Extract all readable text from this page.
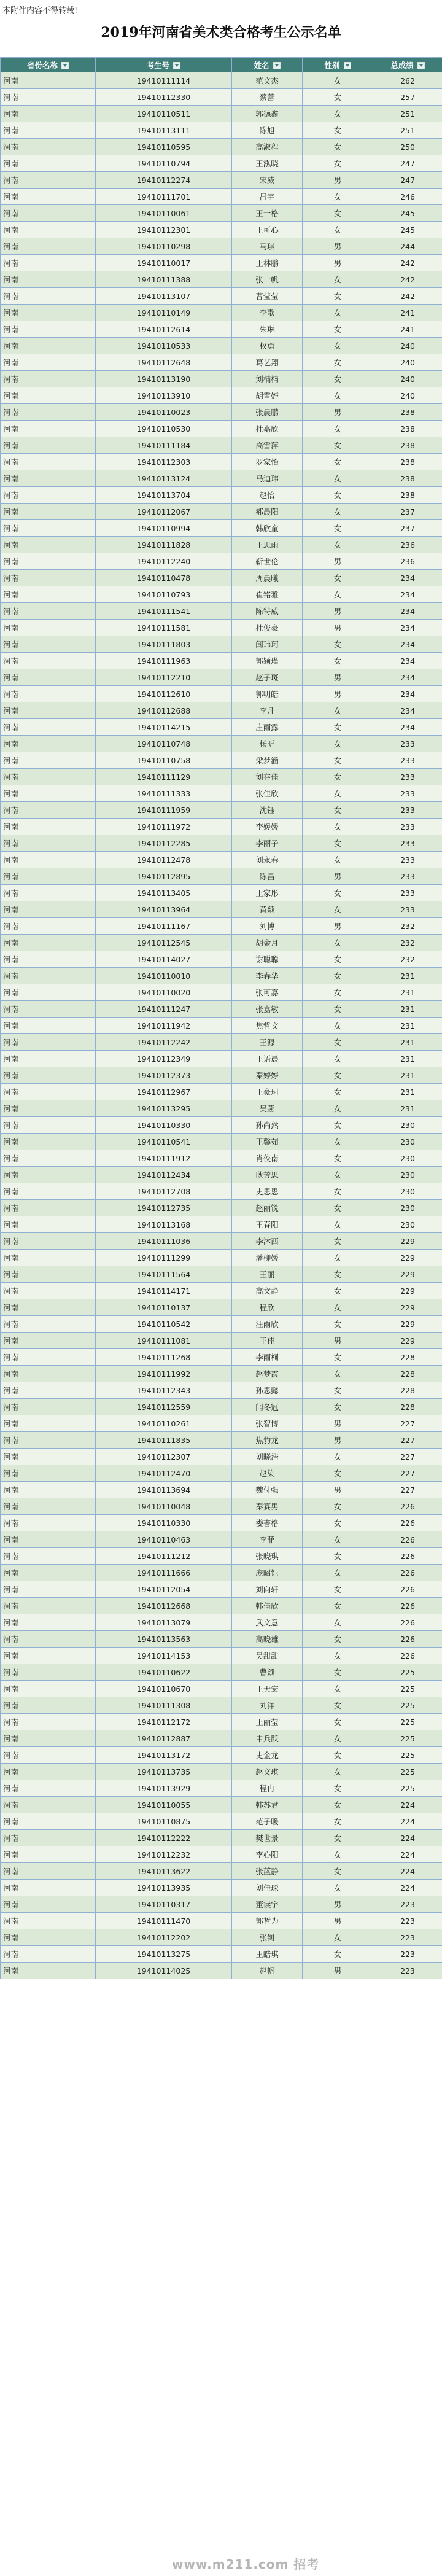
本附件内容不得转载!
2019年河南省美术类合格考生公示名单
省份名称	考生号	姓名	性别	总成绩
河南	19410111114	范文杰	女	262
河南	19410112330	蔡蕾	女	257
河南	19410110511	郭德鑫	女	251
河南	19410113111	陈旭	女	251
河南	19410110595	高淑程	女	250
河南	19410110794	王泓晓	女	247
河南	19410112274	宋威	男	247
河南	19410111701	昌宇	女	246
河南	19410110061	王一格	女	245
河南	19410112301	王可心	女	245
河南	19410110298	马琪	男	244
河南	19410110017	王林鹏	男	242
河南	19410111388	张一帆	女	242
河南	19410113107	曹莹莹	女	242
河南	19410110149	李歌	女	241
河南	19410112614	朱琳	女	241
河南	19410110533	权勇	女	240
河南	19410112648	葛艺翔	女	240
河南	19410113190	刘楠楠	女	240
河南	19410113910	胡雪婷	女	240
河南	19410110023	张晨鹏	男	238
河南	19410110530	杜嘉欣	女	238
河南	19410111184	高雪萍	女	238
河南	19410112303	罗家怡	女	238
河南	19410113124	马迪玮	女	238
河南	19410113704	赵怡	女	238
河南	19410112067	郝晨阳	女	237
河南	19410110994	韩欣童	女	237
河南	19410111828	王思雨	女	236
河南	19410112240	靳世伦	男	236
河南	19410110478	周晨曦	女	234
河南	19410110793	崔铭雅	女	234
河南	19410111541	陈特威	男	234
河南	19410111581	杜俊豪	男	234
河南	19410111803	闫玮珂	女	234
河南	19410111963	郭颖瑾	女	234
河南	19410112210	赵子斑	男	234
河南	19410112610	郭明皓	男	234
河南	19410112688	李凡	女	234
河南	19410114215	庄雨露	女	234
河南	19410110748	杨昕	女	233
河南	19410110758	梁梦涵	女	233
河南	19410111129	刘存佳	女	233
河南	19410111333	张佳欣	女	233
河南	19410111959	沈钰	女	233
河南	19410111972	李媛媛	女	233
河南	19410112285	李丽子	女	233
河南	19410112478	刘永春	女	233
河南	19410112895	陈昌	男	233
河南	19410113405	王家彤	女	233
河南	19410113964	黄颖	女	233
河南	19410111167	刘博	男	232
河南	19410112545	胡金月	女	232
河南	19410114027	谢聪聪	女	232
河南	19410110010	李春华	女	231
河南	19410110020	张可嘉	女	231
河南	19410111247	张嘉敏	女	231
河南	19410111942	焦哲文	女	231
河南	19410112242	王源	女	231
河南	19410112349	王语晨	女	231
河南	19410112373	秦婷婷	女	231
河南	19410112967	王豪珂	女	231
河南	19410113295	吴燕	女	231
河南	19410110330	孙尚然	女	230
河南	19410110541	王馨茹	女	230
河南	19410111912	肖佼南	女	230
河南	19410112434	耿芳思	女	230
河南	19410112708	史思思	女	230
河南	19410112735	赵丽锐	女	230
河南	19410113168	王春阳	女	230
河南	19410111036	李沐西	女	229
河南	19410111299	潘柳媛	女	229
河南	19410111564	王丽	女	229
河南	19410114171	高文静	女	229
河南	19410110137	程欣	女	229
河南	19410110542	汪雨欣	女	229
河南	19410111081	王佳	男	229
河南	19410111268	李雨桐	女	228
河南	19410111992	赵梦霞	女	228
河南	19410112343	孙思懿	女	228
河南	19410112559	闫冬冠	女	228
河南	19410110261	张智博	男	227
河南	19410111835	焦豹龙	男	227
河南	19410112307	刘晓浩	女	227
河南	19410112470	赵染	女	227
河南	19410113694	魏付强	男	227
河南	19410110048	秦赛男	女	226
河南	19410110330	娄書格	女	226
河南	19410110463	李菲	女	226
河南	19410111212	张晓琪	女	226
河南	19410111666	庞昭钰	女	226
河南	19410112054	刘向轩	女	226
河南	19410112668	韩佳欣	女	226
河南	19410113079	武文意	女	226
河南	19410113563	高晓雄	女	226
河南	19410114153	吴甜甜	女	226
河南	19410110622	曹颖	女	225
河南	19410110670	王天宏	女	225
河南	19410111308	刘洋	女	225
河南	19410112172	王丽莹	女	225
河南	19410112887	申兵跃	女	225
河南	19410113172	史金龙	女	225
河南	19410113735	赵文琪	女	225
河南	19410113929	程冉	女	225
河南	19410110055	韩苏君	女	224
河南	19410110875	范子暖	女	224
河南	19410112222	樊世景	女	224
河南	19410112232	李心阳	女	224
河南	19410113622	张蓝静	女	224
河南	19410113935	刘佳琛	女	224
河南	19410110317	董读宇	男	223
河南	19410111470	郭哲为	男	223
河南	19410112202	张钊	女	223
河南	19410113275	王皓琪	女	223
河南	19410114025	赵帆	男	223
www.m211.com 招考
